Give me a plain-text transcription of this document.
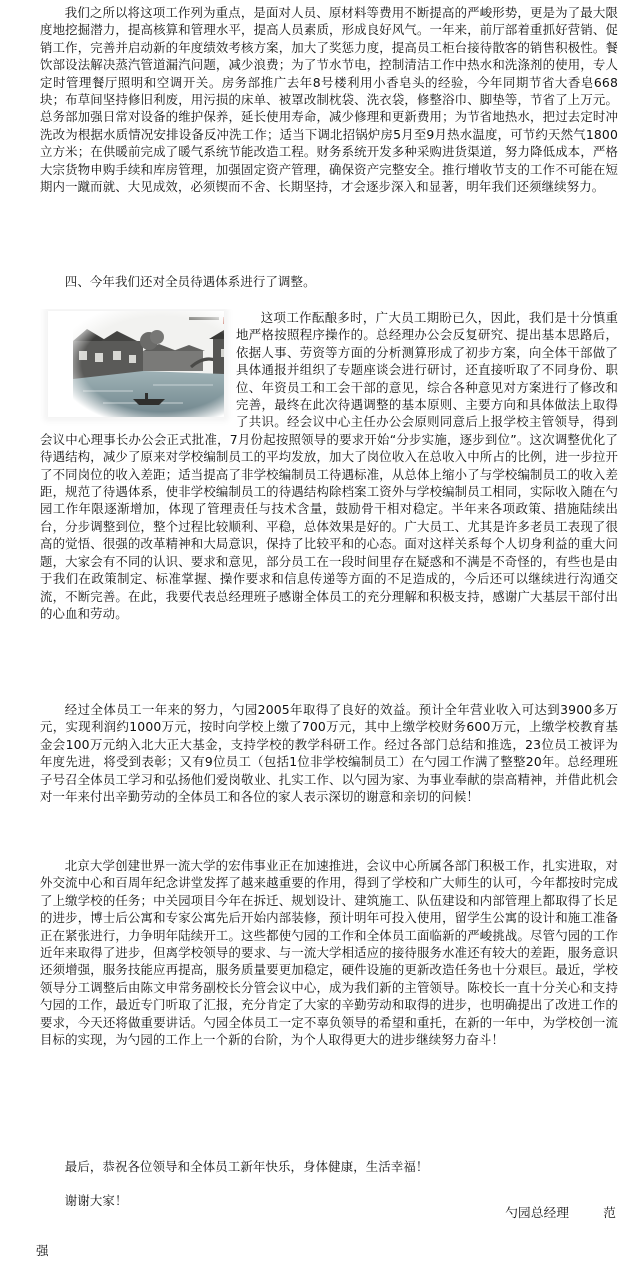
我们之所以将这项工作列为重点，是面对人员、原材料等费用不断提高的严峻形势，更是为了最大限度地挖掘潜力，提高核算和管理水平，提高人员素质，形成良好风气。一年来，前厅部着重抓好营销、促销工作，完善并启动新的年度绩效考核方案，加大了奖惩力度，提高员工柜台接待散客的销售积极性。餐饮部设法解决蒸汽管道漏汽问题，减少浪费；为了节水节电，控制清洁工作中热水和洗涤剂的使用，专人定时管理餐厅照明和空调开关。房务部推广去年8号楼利用小香皂头的经验，今年同期节省大香皂668块；布草间坚持修旧利废，用污损的床单、被罩改制枕袋、洗衣袋，修整浴巾、脚垫等，节省了上万元。总务部加强日常对设备的维护保养，延长使用寿命，减少修理和更新费用；为节省地热水，把过去定时冲洗改为根据水质情况安排设备反冲洗工作；适当下调北招锅炉房5月至9月热水温度，可节约天然气1800立方米；在供暖前完成了暖气系统节能改造工程。财务系统开发多种采购进货渠道，努力降低成本，严格大宗货物申购手续和库房管理，加强固定资产管理，确保资产完整安全。推行增收节支的工作不可能在短期内一蹴而就、大见成效，必须锲而不舍、长期坚持，才会逐步深入和显著，明年我们还须继续努力。

四、今年我们还对全员待遇体系进行了调整。

这项工作酝酿多时，广大员工期盼已久，因此，我们是十分慎重地严格按照程序操作的。总经理办公会反复研究、提出基本思路后，依据人事、劳资等方面的分析测算形成了初步方案，向全体干部做了具体通报并组织了专题座谈会进行研讨，还直接听取了不同身份、职位、年资员工和工会干部的意见，综合各种意见对方案进行了修改和完善，最终在此次待遇调整的基本原则、主要方向和具体做法上取得了共识。经会议中心主任办公会原则同意后上报学校主管领导，得到会议中心理事长办公会正式批准，7月份起按照领导的要求开始“分步实施，逐步到位”。这次调整优化了待遇结构，减少了原来对学校编制员工的平均发放，加大了岗位收入在总收入中所占的比例，进一步拉开了不同岗位的收入差距；适当提高了非学校编制员工待遇标准，从总体上缩小了与学校编制员工的收入差距，规范了待遇体系，使非学校编制员工的待遇结构除档案工资外与学校编制员工相同，实际收入随在勺园工作年限逐渐增加，体现了管理责任与技术含量，鼓励骨干相对稳定。半年来各项政策、措施陆续出台，分步调整到位，整个过程比较顺利、平稳，总体效果是好的。广大员工、尤其是许多老员工表现了很高的觉悟、很强的改革精神和大局意识，保持了比较平和的心态。面对这样关系每个人切身利益的重大问题，大家会有不同的认识、要求和意见，部分员工在一段时间里存在疑惑和不满是不奇怪的，有些也是由于我们在政策制定、标准掌握、操作要求和信息传递等方面的不足造成的，今后还可以继续进行沟通交流，不断完善。在此，我要代表总经理班子感谢全体员工的充分理解和积极支持，感谢广大基层干部付出的心血和劳动。

经过全体员工一年来的努力，勺园2005年取得了良好的效益。预计全年营业收入可达到3900多万元，实现利润约1000万元，按时向学校上缴了700万元，其中上缴学校财务600万元，上缴学校教育基金会100万元纳入北大正大基金，支持学校的教学科研工作。经过各部门总结和推选，23位员工被评为年度先进，将受到表彰；又有9位员工（包括1位非学校编制员工）在勺园工作满了整整20年。总经理班子号召全体员工学习和弘扬他们爱岗敬业、扎实工作、以勺园为家、为事业奉献的崇高精神，并借此机会对一年来付出辛勤劳动的全体员工和各位的家人表示深切的谢意和亲切的问候！

北京大学创建世界一流大学的宏伟事业正在加速推进，会议中心所属各部门积极工作，扎实进取，对外交流中心和百周年纪念讲堂发挥了越来越重要的作用，得到了学校和广大师生的认可，今年都按时完成了上缴学校的任务；中关园项目今年在拆迁、规划设计、建筑施工、队伍建设和内部管理上都取得了长足的进步，博士后公寓和专家公寓先后开始内部装修，预计明年可投入使用，留学生公寓的设计和施工准备正在紧张进行，力争明年陆续开工。这些都使勺园的工作和全体员工面临新的严峻挑战。尽管勺园的工作近年来取得了进步，但离学校领导的要求、与一流大学相适应的接待服务水准还有较大的差距，服务意识还须增强，服务技能应再提高，服务质量要更加稳定，硬件设施的更新改造任务也十分艰巨。最近，学校领导分工调整后由陈文申常务副校长分管会议中心，成为我们新的主管领导。陈校长一直十分关心和支持勺园的工作，最近专门听取了汇报，充分肯定了大家的辛勤劳动和取得的进步，也明确提出了改进工作的要求，今天还将做重要讲话。勺园全体员工一定不辜负领导的希望和重托，在新的一年中，为学校创一流目标的实现，为勺园的工作上一个新的台阶，为个人取得更大的进步继续努力奋斗！

最后，恭祝各位领导和全体员工新年快乐，身体健康，生活幸福！

谢谢大家！

勺园总经理	范
强
